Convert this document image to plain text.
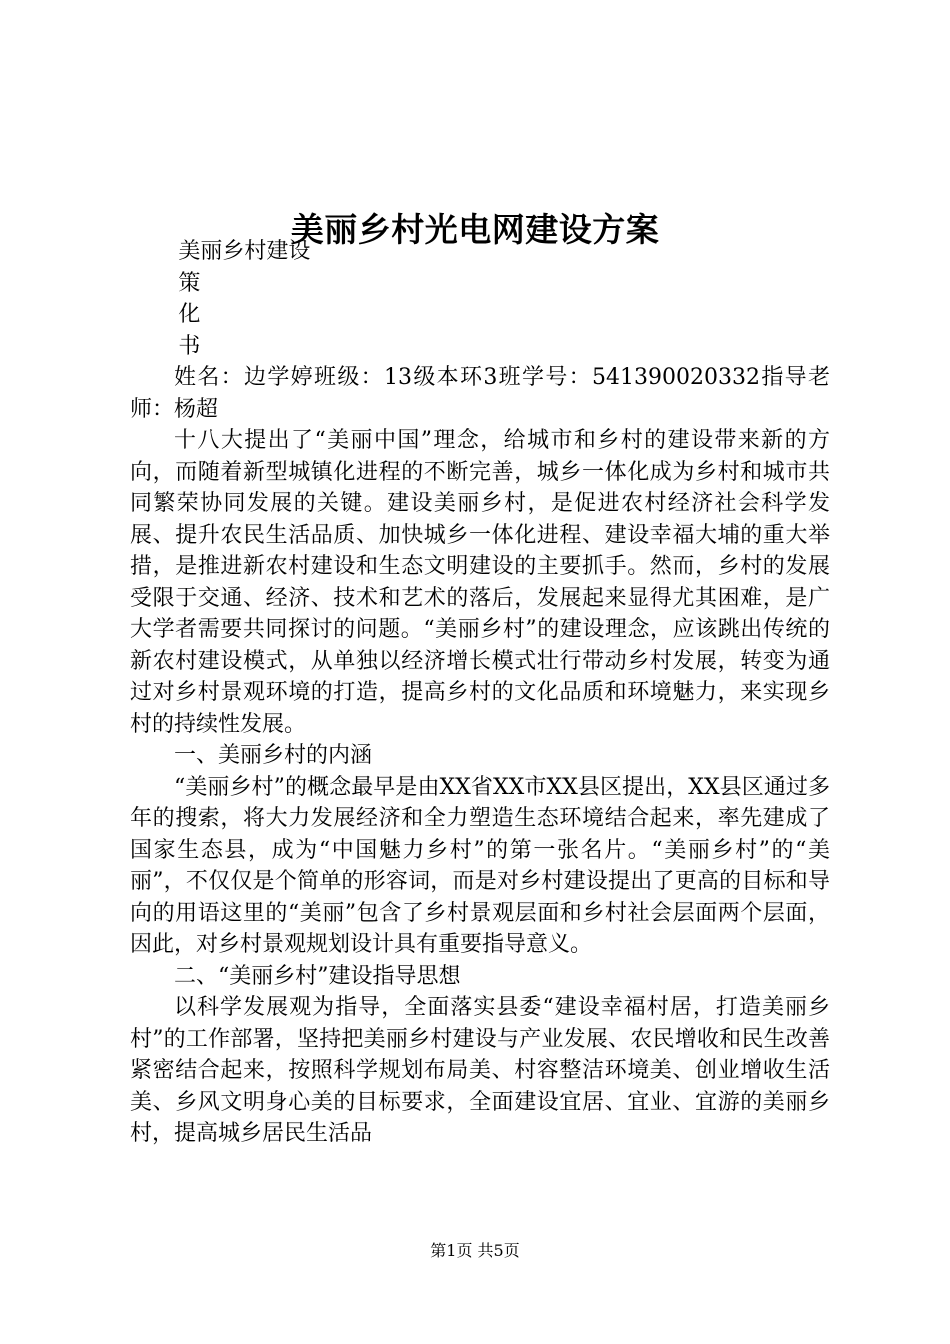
美丽乡村光电网建设方案

美丽乡村建设

策

化

书

姓名：边学婷班级：13级本环3班学号：541390020332指导老师：杨超

十八大提出了“美丽中国”理念，给城市和乡村的建设带来新的方向，而随着新型城镇化进程的不断完善，城乡一体化成为乡村和城市共同繁荣协同发展的关键。建设美丽乡村，是促进农村经济社会科学发展、提升农民生活品质、加快城乡一体化进程、建设幸福大埔的重大举措，是推进新农村建设和生态文明建设的主要抓手。然而，乡村的发展受限于交通、经济、技术和艺术的落后，发展起来显得尤其困难，是广大学者需要共同探讨的问题。“美丽乡村”的建设理念，应该跳出传统的新农村建设模式，从单独以经济增长模式壮行带动乡村发展，转变为通过对乡村景观环境的打造，提高乡村的文化品质和环境魅力，来实现乡村的持续性发展。

一、美丽乡村的内涵

“美丽乡村”的概念最早是由XX省XX市XX县区提出，XX县区通过多年的搜索，将大力发展经济和全力塑造生态环境结合起来，率先建成了国家生态县，成为“中国魅力乡村”的第一张名片。“美丽乡村”的“美丽”，不仅仅是个简单的形容词，而是对乡村建设提出了更高的目标和导向的用语这里的“美丽”包含了乡村景观层面和乡村社会层面两个层面，因此，对乡村景观规划设计具有重要指导意义。

二、“美丽乡村”建设指导思想

以科学发展观为指导，全面落实县委“建设幸福村居，打造美丽乡村”的工作部署，坚持把美丽乡村建设与产业发展、农民增收和民生改善紧密结合起来，按照科学规划布局美、村容整洁环境美、创业增收生活美、乡风文明身心美的目标要求，全面建设宜居、宜业、宜游的美丽乡村，提高城乡居民生活品

第1页 共5页
